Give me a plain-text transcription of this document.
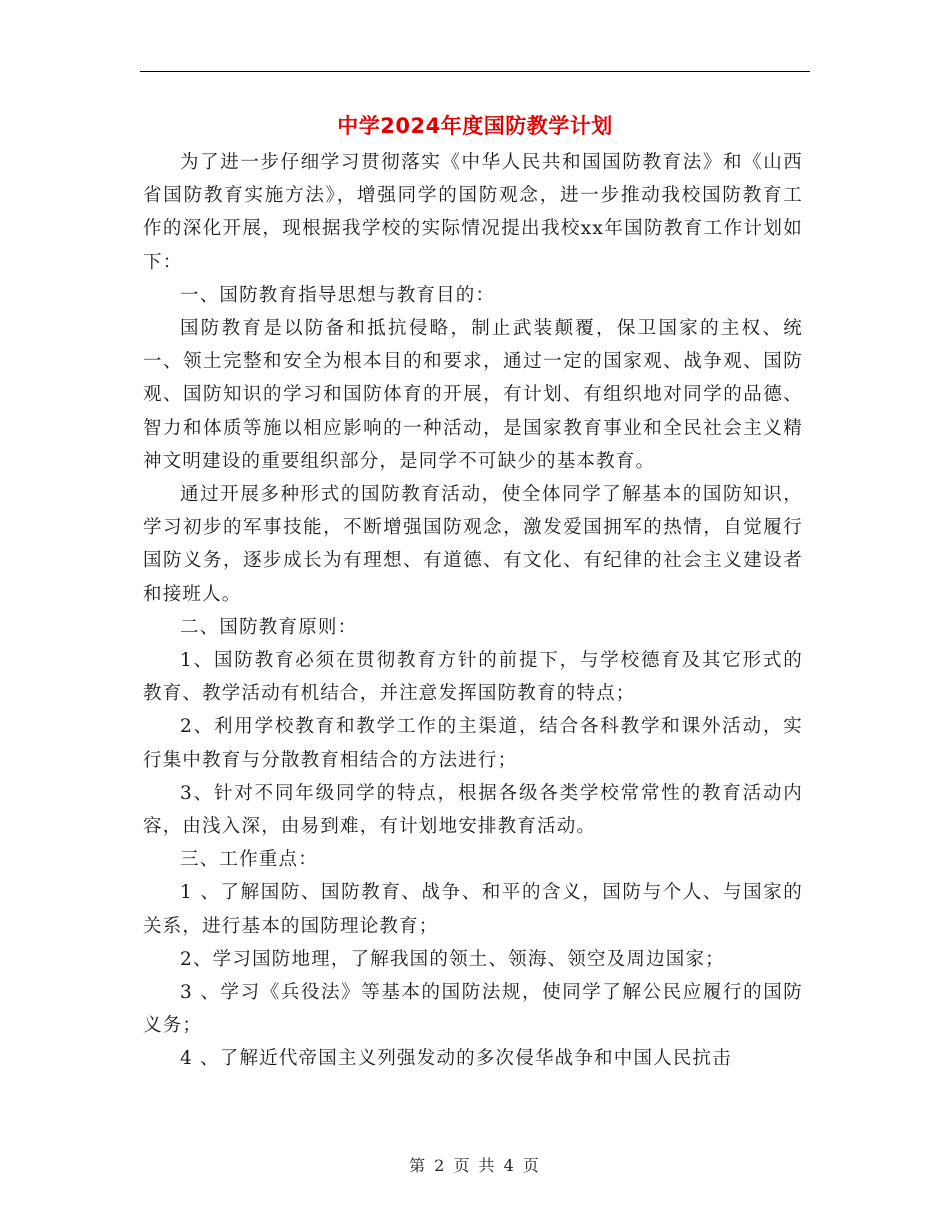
中学2024年度国防教学计划

为了进一步仔细学习贯彻落实《中华人民共和国国防教育法》和《山西省国防教育实施方法》，增强同学的国防观念，进一步推动我校国防教育工作的深化开展，现根据我学校的实际情况提出我校xx年国防教育工作计划如下：

一、国防教育指导思想与教育目的：

国防教育是以防备和抵抗侵略，制止武装颠覆，保卫国家的主权、统一、领土完整和安全为根本目的和要求，通过一定的国家观、战争观、国防观、国防知识的学习和国防体育的开展，有计划、有组织地对同学的品德、智力和体质等施以相应影响的一种活动，是国家教育事业和全民社会主义精神文明建设的重要组织部分，是同学不可缺少的基本教育。

通过开展多种形式的国防教育活动，使全体同学了解基本的国防知识，学习初步的军事技能，不断增强国防观念，激发爱国拥军的热情，自觉履行国防义务，逐步成长为有理想、有道德、有文化、有纪律的社会主义建设者和接班人。

二、国防教育原则：

1、国防教育必须在贯彻教育方针的前提下，与学校德育及其它形式的教育、教学活动有机结合，并注意发挥国防教育的特点；

2、利用学校教育和教学工作的主渠道，结合各科教学和课外活动，实行集中教育与分散教育相结合的方法进行；

3、针对不同年级同学的特点，根据各级各类学校常常性的教育活动内容，由浅入深，由易到难，有计划地安排教育活动。

三、工作重点：

1 、了解国防、国防教育、战争、和平的含义，国防与个人、与国家的关系，进行基本的国防理论教育；

2、学习国防地理，了解我国的领土、领海、领空及周边国家；

3 、学习《兵役法》等基本的国防法规，使同学了解公民应履行的国防义务；

4 、了解近代帝国主义列强发动的多次侵华战争和中国人民抗击

第 2 页 共 4 页
